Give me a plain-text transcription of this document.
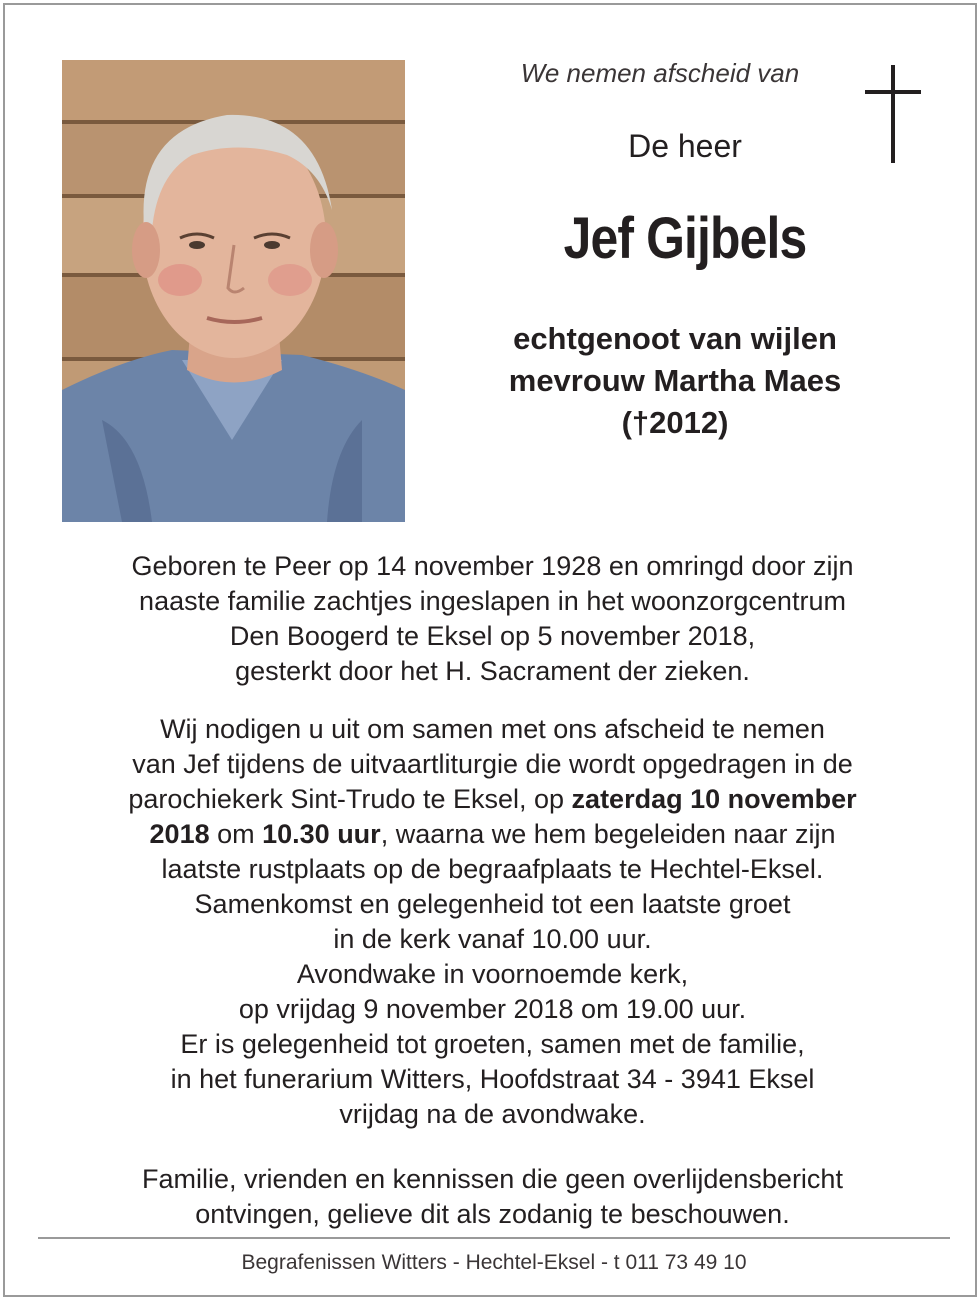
We nemen afscheid van
De heer
Jef Gijbels
echtgenoot van wijlen
mevrouw Martha Maes
(†2012)
Geboren te Peer op 14 november 1928 en omringd door zijn
naaste familie zachtjes ingeslapen in het woonzorgcentrum
Den Boogerd te Eksel op 5 november 2018,
gesterkt door het H. Sacrament der zieken.
Wij nodigen u uit om samen met ons afscheid te nemen
van Jef tijdens de uitvaartliturgie die wordt opgedragen in de
parochiekerk Sint-Trudo te Eksel, op zaterdag 10 november
2018 om 10.30 uur, waarna we hem begeleiden naar zijn
laatste rustplaats op de begraafplaats te Hechtel-Eksel.
Samenkomst en gelegenheid tot een laatste groet
in de kerk vanaf 10.00 uur.
Avondwake in voornoemde kerk,
op vrijdag 9 november 2018 om 19.00 uur.
Er is gelegenheid tot groeten, samen met de familie,
in het funerarium Witters, Hoofdstraat 34 - 3941 Eksel
vrijdag na de avondwake.
Familie, vrienden en kennissen die geen overlijdensbericht
ontvingen, gelieve dit als zodanig te beschouwen.
Begrafenissen Witters - Hechtel-Eksel - t 011 73 49 10
